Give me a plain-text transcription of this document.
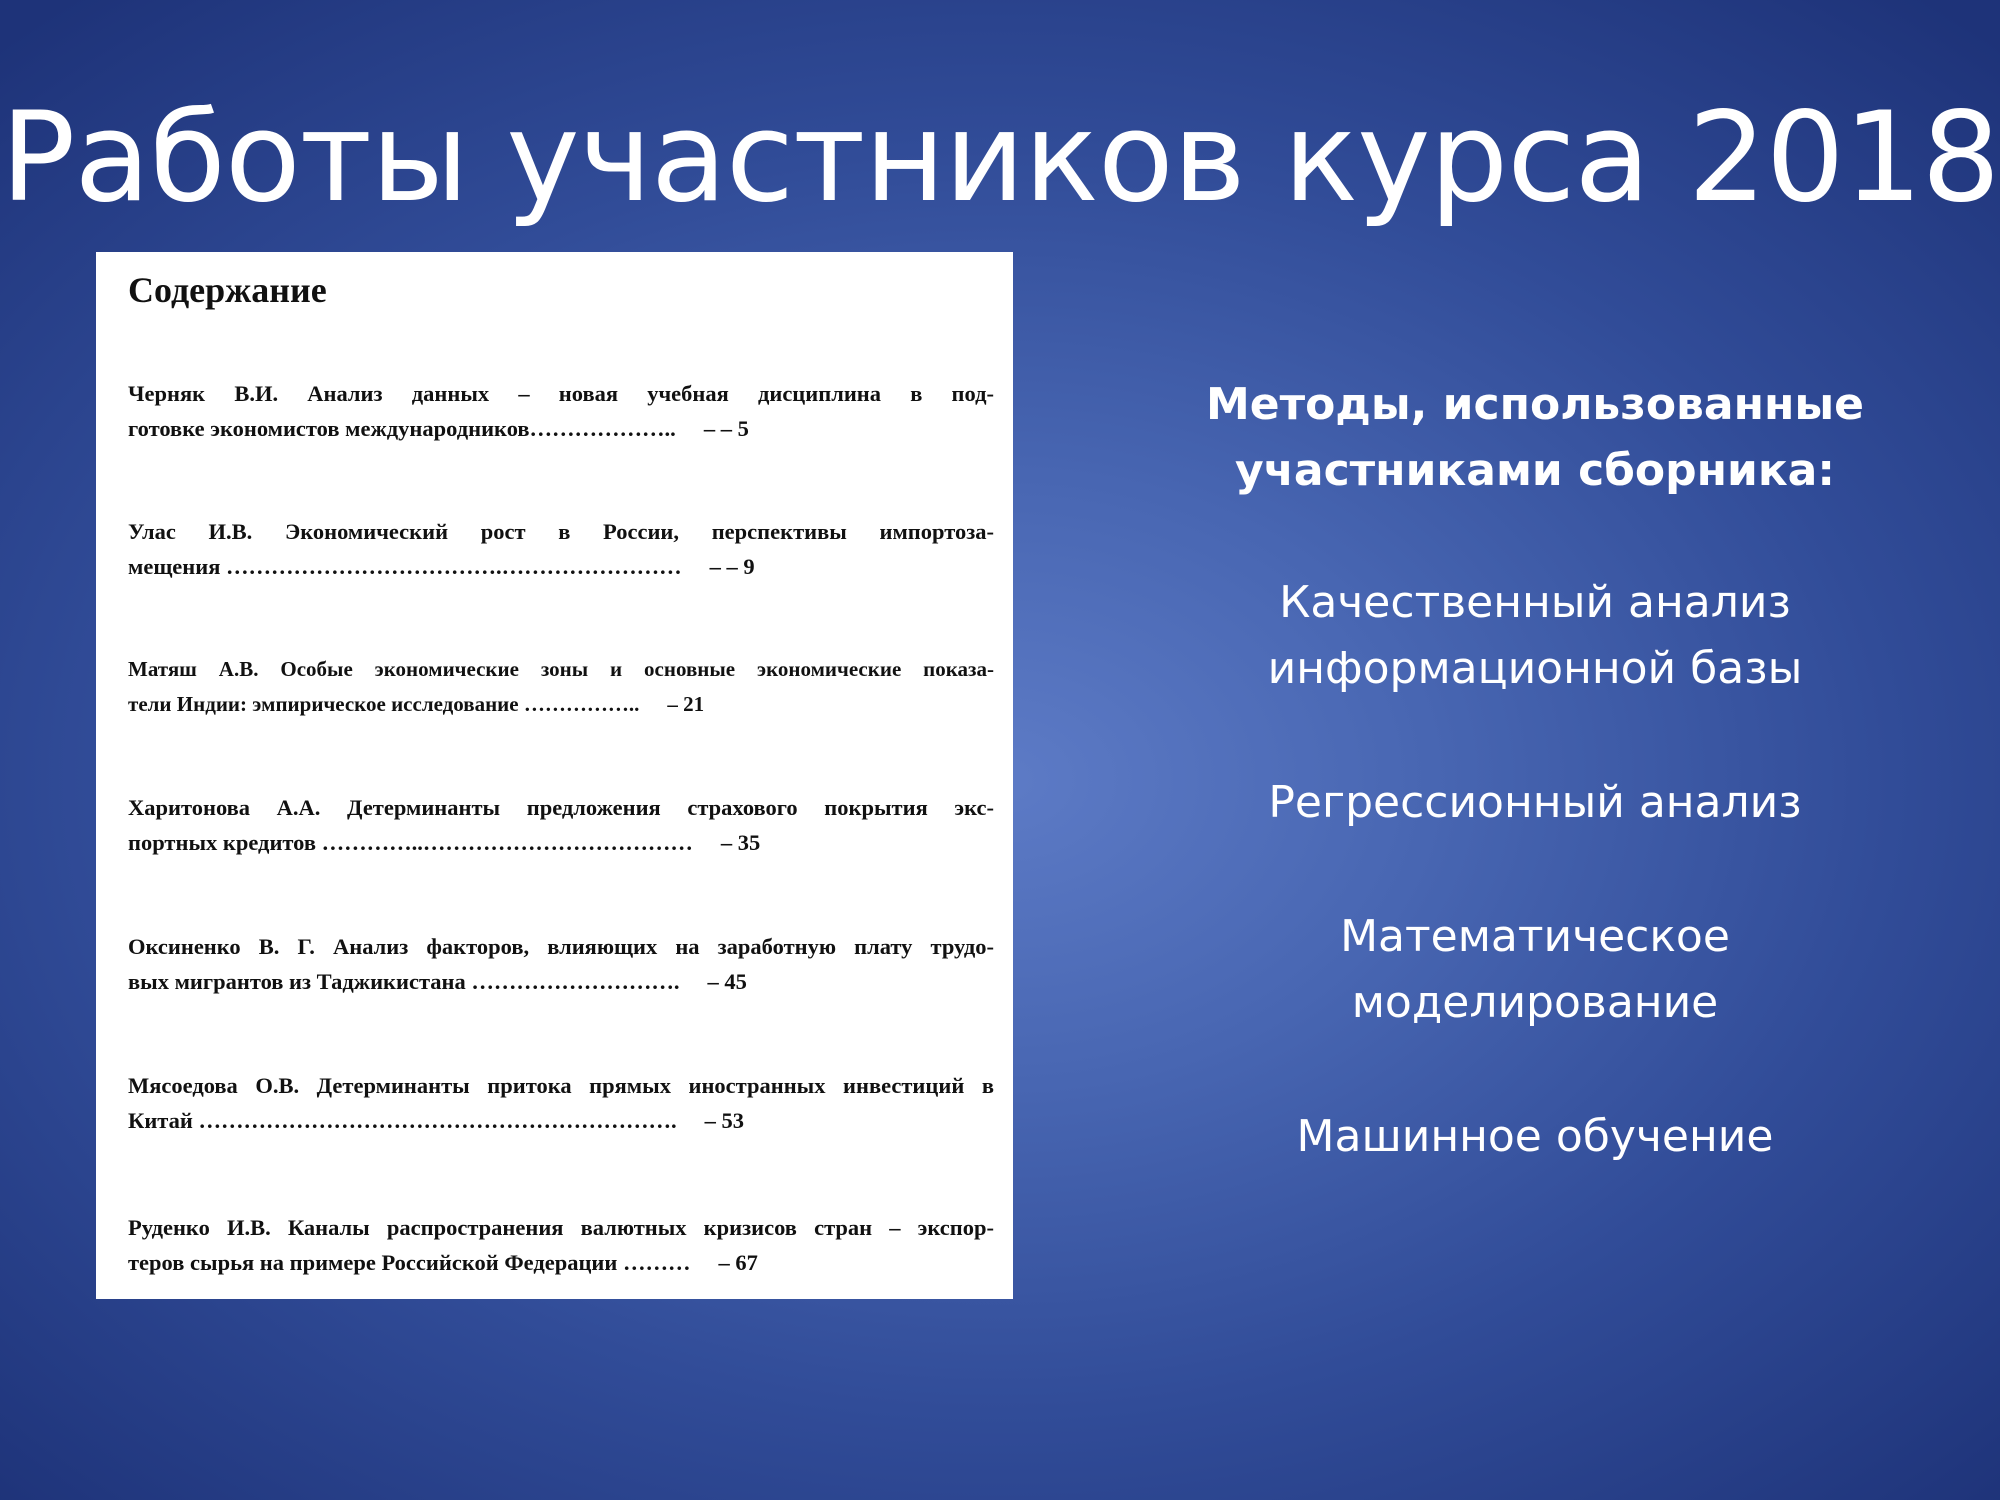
Работы участников курса 2018
Содержание
Черняк В.И. Анализ данных – новая учебная дисциплина в под-
готовке экономистов международников……………….. – – 5
Улас И.В. Экономический рост в России, перспективы импортоза-
мещения ……………………………….…………………… – – 9
Матяш А.В. Особые экономические зоны и основные экономические показа-
тели Индии: эмпирическое исследование …………….. – 21
Харитонова А.А. Детерминанты предложения страхового покрытия экс-
портных кредитов …………..……………………………… – 35
Оксиненко В. Г. Анализ факторов, влияющих на заработную плату трудо-
вых мигрантов из Таджикистана ………………………. – 45
Мясоедова О.В. Детерминанты притока прямых иностранных инвестиций в
Китай ………………………………………………………. – 53
Руденко И.В. Каналы распространения валютных кризисов стран – экспор-
теров сырья на примере Российской Федерации ……… – 67

Методы, использованные
участниками сборника:

Качественный анализ
информационной базы

Регрессионный анализ

Математическое
моделирование

Машинное обучение
